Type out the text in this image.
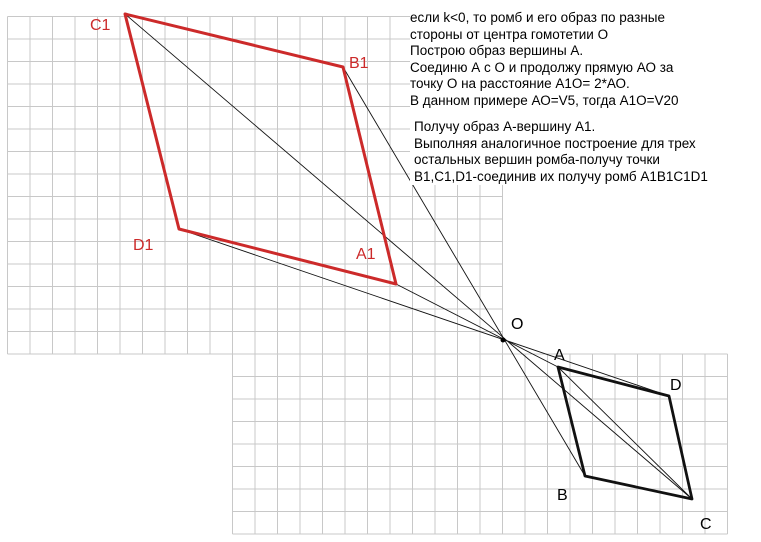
O
A
B
C
D
A1
B1
C1
D1

если k<0, то ромб и его образ по разные

стороны от центра гомотетии О

Построю образ вершины А.

Соединю А с О и продолжу прямую АО за

точку О на расстояние А1О= 2*АО.

В данном примере АО=V5, тогда А1О=V20

Получу образ А-вершину А1.

Выполняя аналогичное построение для трех

остальных вершин ромба-получу точки

В1,С1,D1-соединив их получу ромб А1В1С1D1
